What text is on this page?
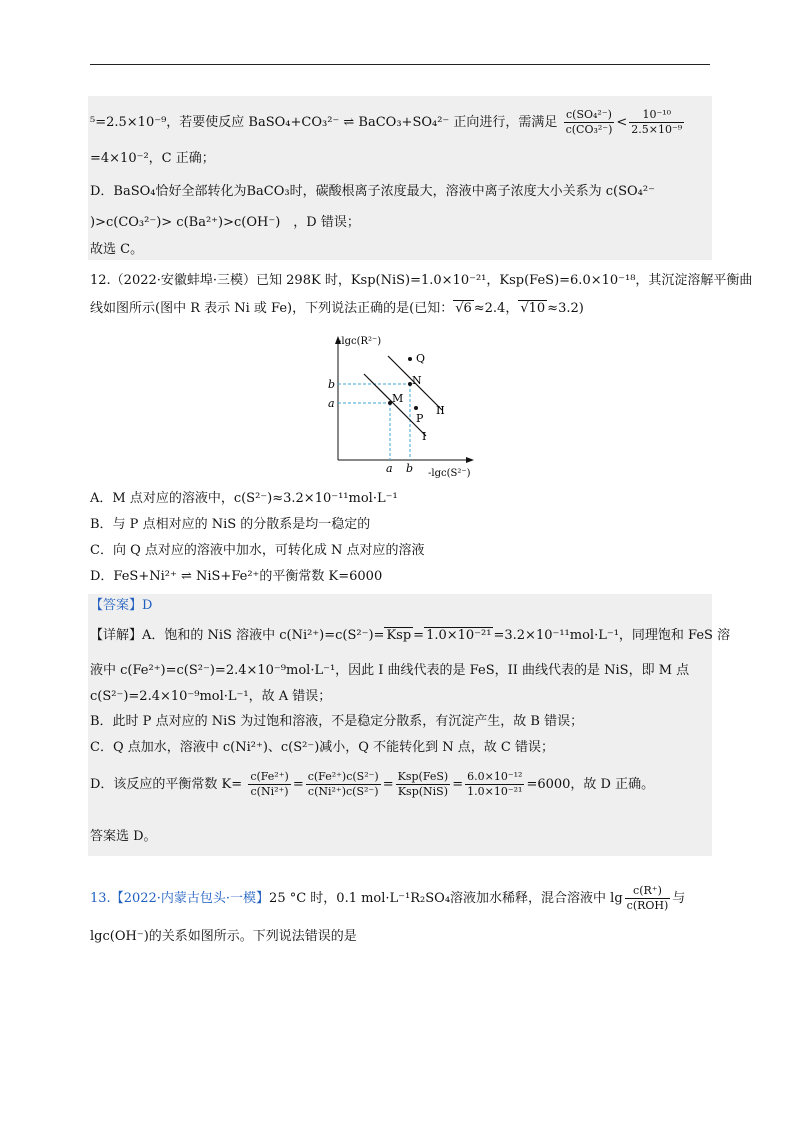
⁵=2.5×10⁻⁹，若要使反应 BaSO₄+CO₃²⁻ ⇌ BaCO₃+SO₄²⁻ 正向进行，需满足 $\frac{\text{c(SO₄²⁻)}}{\text{c(CO₃²⁻)}} < \frac{\text{10⁻¹⁰}}{\text{2.5×10⁻⁹}}$
=4×10⁻²，C 正确；
D．BaSO₄恰好全部转化为BaCO₃时，碳酸根离子浓度最大，溶液中离子浓度大小关系为 c(SO₄²⁻
)>c(CO₃²⁻)> c(Ba²⁺)>c(OH⁻)　，D 错误；
故选 C。
12.（2022·安徽蚌埠·三模）已知 298K 时，Ksp(NiS)=1.0×10⁻²¹，Ksp(FeS)=6.0×10⁻¹⁸，其沉淀溶解平衡曲
线如图所示(图中 R 表示 Ni 或 Fe)，下列说法正确的是(已知： √6 ≈2.4， √10 ≈3.2)
-lgc(R²⁻)
-lgc(S²⁻)
Q
N
M
P
II
I
b
a
a b
A．M 点对应的溶液中，c(S²⁻)≈3.2×10⁻¹¹mol·L⁻¹
B．与 P 点相对应的 NiS 的分散系是均一稳定的
C．向 Q 点对应的溶液中加水，可转化成 N 点对应的溶液
D．FeS+Ni²⁺ ⇌ NiS+Fe²⁺的平衡常数 K=6000
【答案】D
【详解】A．饱和的 NiS 溶液中 c(Ni²⁺)=c(S²⁻)= Ksp = 1.0×10⁻²¹ =3.2×10⁻¹¹mol·L⁻¹，同理饱和 FeS 溶
液中 c(Fe²⁺)=c(S²⁻)=2.4×10⁻⁹mol·L⁻¹，因此 I 曲线代表的是 FeS，II 曲线代表的是 NiS，即 M 点
c(S²⁻)=2.4×10⁻⁹mol·L⁻¹，故 A 错误；
B．此时 P 点对应的 NiS 为过饱和溶液，不是稳定分散系，有沉淀产生，故 B 错误；
C．Q 点加水，溶液中 c(Ni²⁺)、c(S²⁻)减小，Q 不能转化到 N 点，故 C 错误；
D．该反应的平衡常数 $K= \frac{\text{c(Fe²⁺)}}{\text{c(Ni²⁺)}} = \frac{\text{c(Fe²⁺)c(S²⁻)}}{\text{c(Ni²⁺)c(S²⁻)}} = \frac{\text{Ksp(FeS)}}{\text{Ksp(NiS)}} = \frac{\text{6.0×10⁻¹²}}{\text{1.0×10⁻²¹}} =6000$，故 D 正确。
答案选 D。
13.【2022·内蒙古包头·一模】25 °C 时，0.1 mol·L⁻¹R₂SO₄溶液加水稀释，混合溶液中 $\lg \frac{c(R^+)}{\text{c(ROH)}}$ 与
lgc(OH⁻)的关系如图所示。下列说法错误的是
